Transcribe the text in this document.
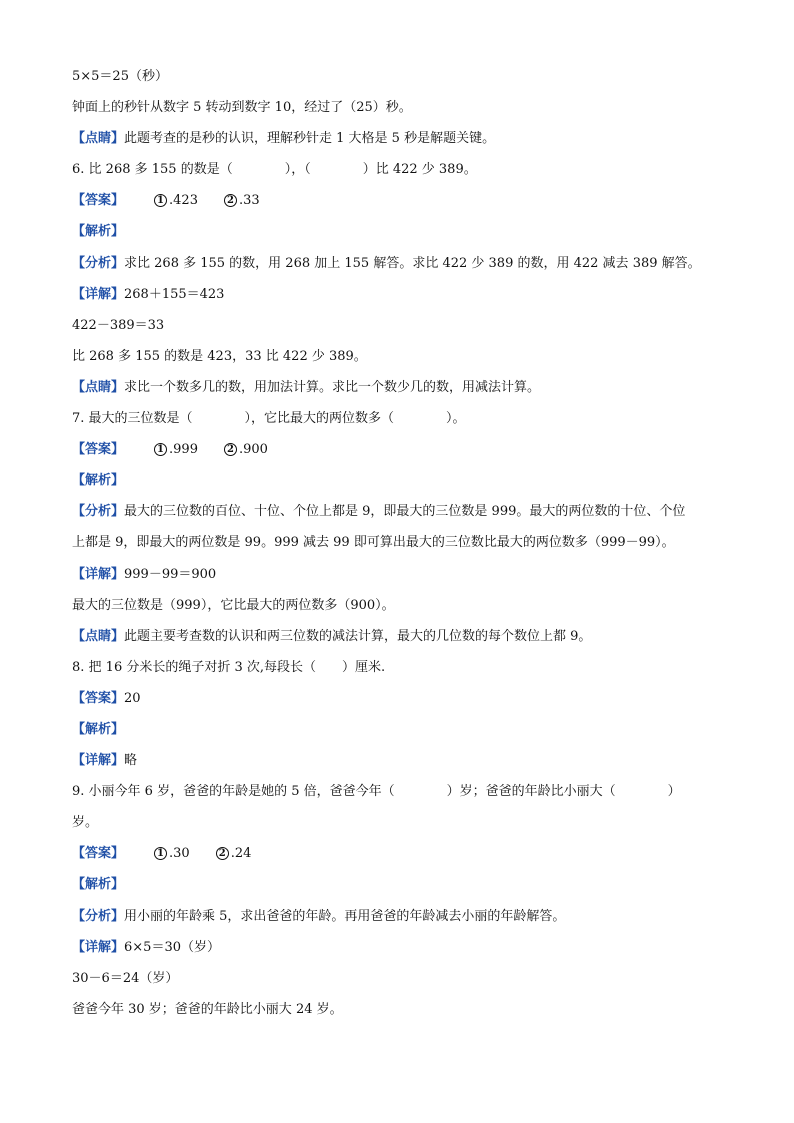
5×5＝25（秒）
钟面上的秒针从数字 5 转动到数字 10，经过了（25）秒。
【点睛】此题考查的是秒的认识，理解秒针走 1 大格是 5 秒是解题关键。
6. 比 268 多 155 的数是（　　　　），（　　　　）比 422 少 389。
【答案】	1 .423	2 .33
【解析】
【分析】求比 268 多 155 的数，用 268 加上 155 解答。求比 422 少 389 的数，用 422 减去 389 解答。
【详解】268＋155＝423
422－389＝33
比 268 多 155 的数是 423，33 比 422 少 389。
【点睛】求比一个数多几的数，用加法计算。求比一个数少几的数，用减法计算。
7. 最大的三位数是（　　　　），它比最大的两位数多（　　　　）。
【答案】	1 .999	2 .900
【解析】
【分析】最大的三位数的百位、十位、个位上都是 9，即最大的三位数是 999。最大的两位数的十位、个位
上都是 9，即最大的两位数是 99。999 减去 99 即可算出最大的三位数比最大的两位数多（999－99）。
【详解】999－99＝900
最大的三位数是（999），它比最大的两位数多（900）。
【点睛】此题主要考查数的认识和两三位数的减法计算，最大的几位数的每个数位上都 9。
8. 把 16 分米长的绳子对折 3 次,每段长（　　）厘米.
【答案】20
【解析】
【详解】略
9. 小丽今年 6 岁，爸爸的年龄是她的 5 倍，爸爸今年（　　　　）岁；爸爸的年龄比小丽大（　　　　）
岁。
【答案】	1 .30	2 .24
【解析】
【分析】用小丽的年龄乘 5，求出爸爸的年龄。再用爸爸的年龄减去小丽的年龄解答。
【详解】6×5＝30（岁）
30－6＝24（岁）
爸爸今年 30 岁；爸爸的年龄比小丽大 24 岁。
